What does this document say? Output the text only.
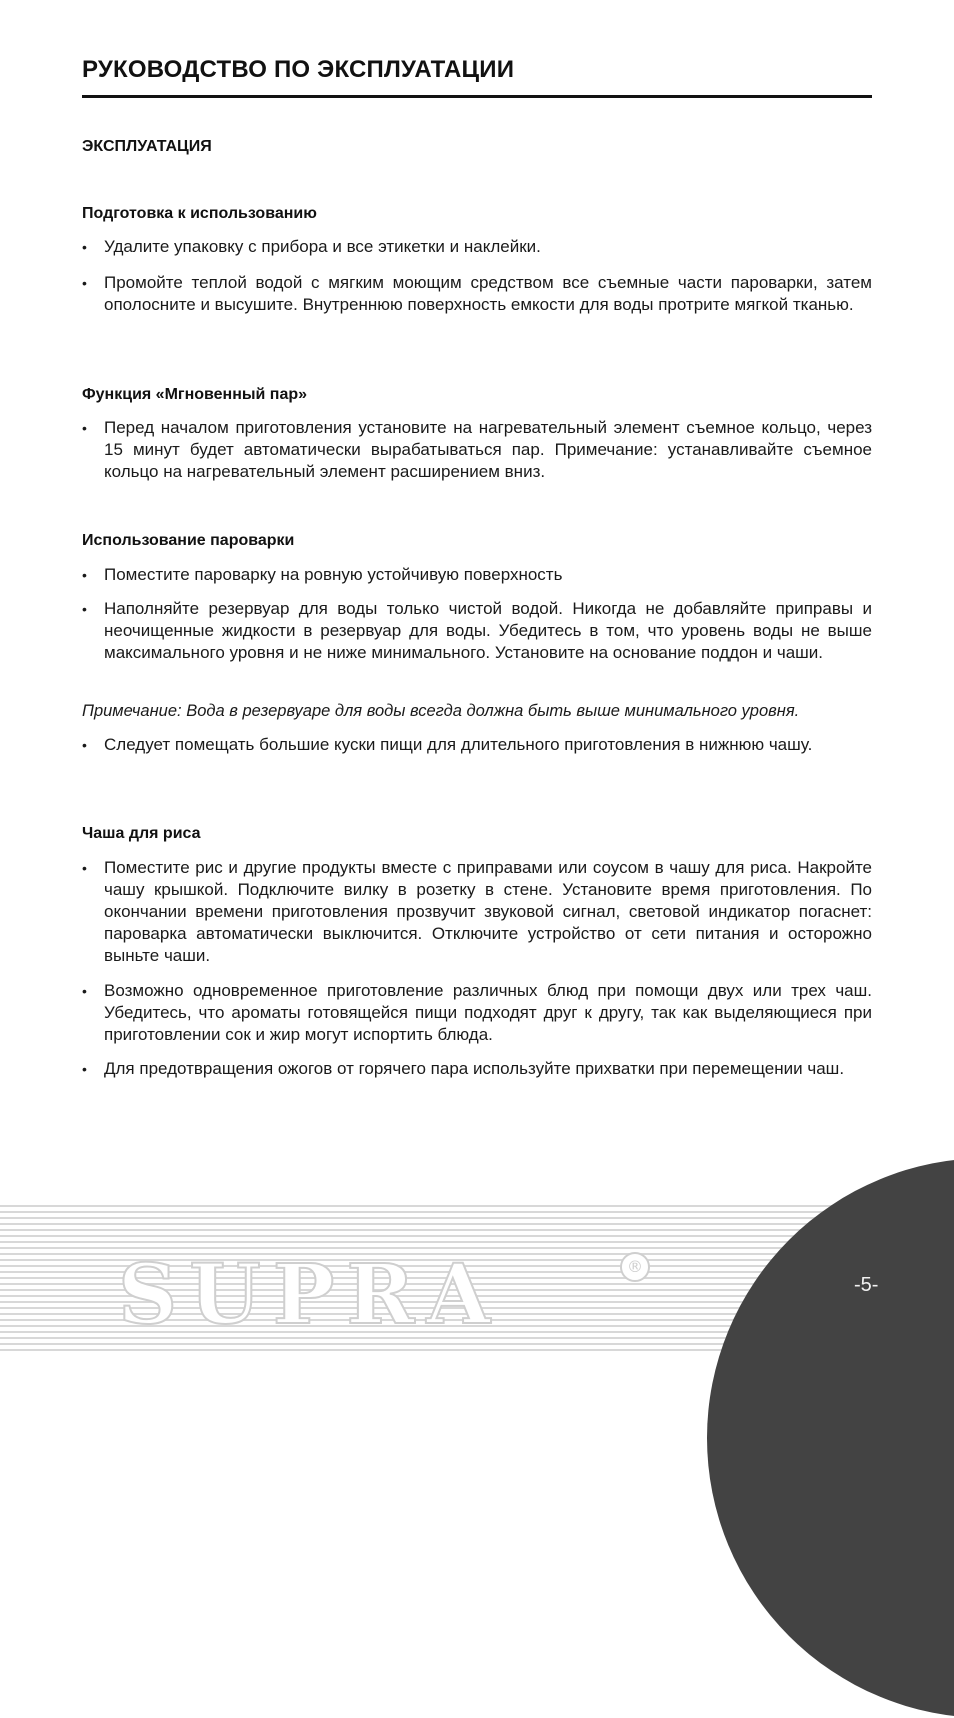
РУКОВОДСТВО ПО ЭКСПЛУАТАЦИИ
ЭКСПЛУАТАЦИЯ
Подготовка к использованию
•	Удалите упаковку с прибора и все этикетки и наклейки.
•	Промойте теплой водой с мягким моющим средством все съемные части пароварки, затем ополосните и высушите. Внутреннюю поверхность емкости для воды протрите мягкой тканью.
Функция «Мгновенный пар»
•	Перед началом приготовления установите на нагревательный элемент съемное кольцо, через 15 минут будет автоматически вырабатываться пар. Примечание: устанавливайте съемное кольцо на нагревательный элемент расширением вниз.
Использование пароварки
•	Поместите пароварку на ровную устойчивую поверхность
•	Наполняйте резервуар для воды только чистой водой. Никогда не добавляйте приправы и неочищенные жидкости в резервуар для воды. Убедитесь в том, что уровень воды не выше максимального уровня и не ниже минимального. Установите на основание поддон и чаши.
Примечание: Вода в резервуаре для воды всегда должна быть выше минимального уровня.
•	Следует помещать большие куски пищи для длительного приготовления в нижнюю чашу.
Чаша для риса
•	Поместите рис и другие продукты вместе с приправами или соусом в чашу для риса. Накройте чашу крышкой. Подключите вилку в розетку в стене. Установите время приготовления. По окончании времени приготовления прозвучит звуковой сигнал, световой индикатор погаснет: пароварка автоматически выключится. Отключите устройство от сети питания и осторожно выньте чаши.
•	Возможно одновременное приготовление различных блюд при помощи двух или трех чаш. Убедитесь, что ароматы готовящейся пищи подходят друг к другу, так как выделяющиеся при приготовлении сок и жир могут испортить блюда.
•	Для предотвращения ожогов от горячего пара используйте прихватки при перемещении чаш.
SUPRA	®
-5-
